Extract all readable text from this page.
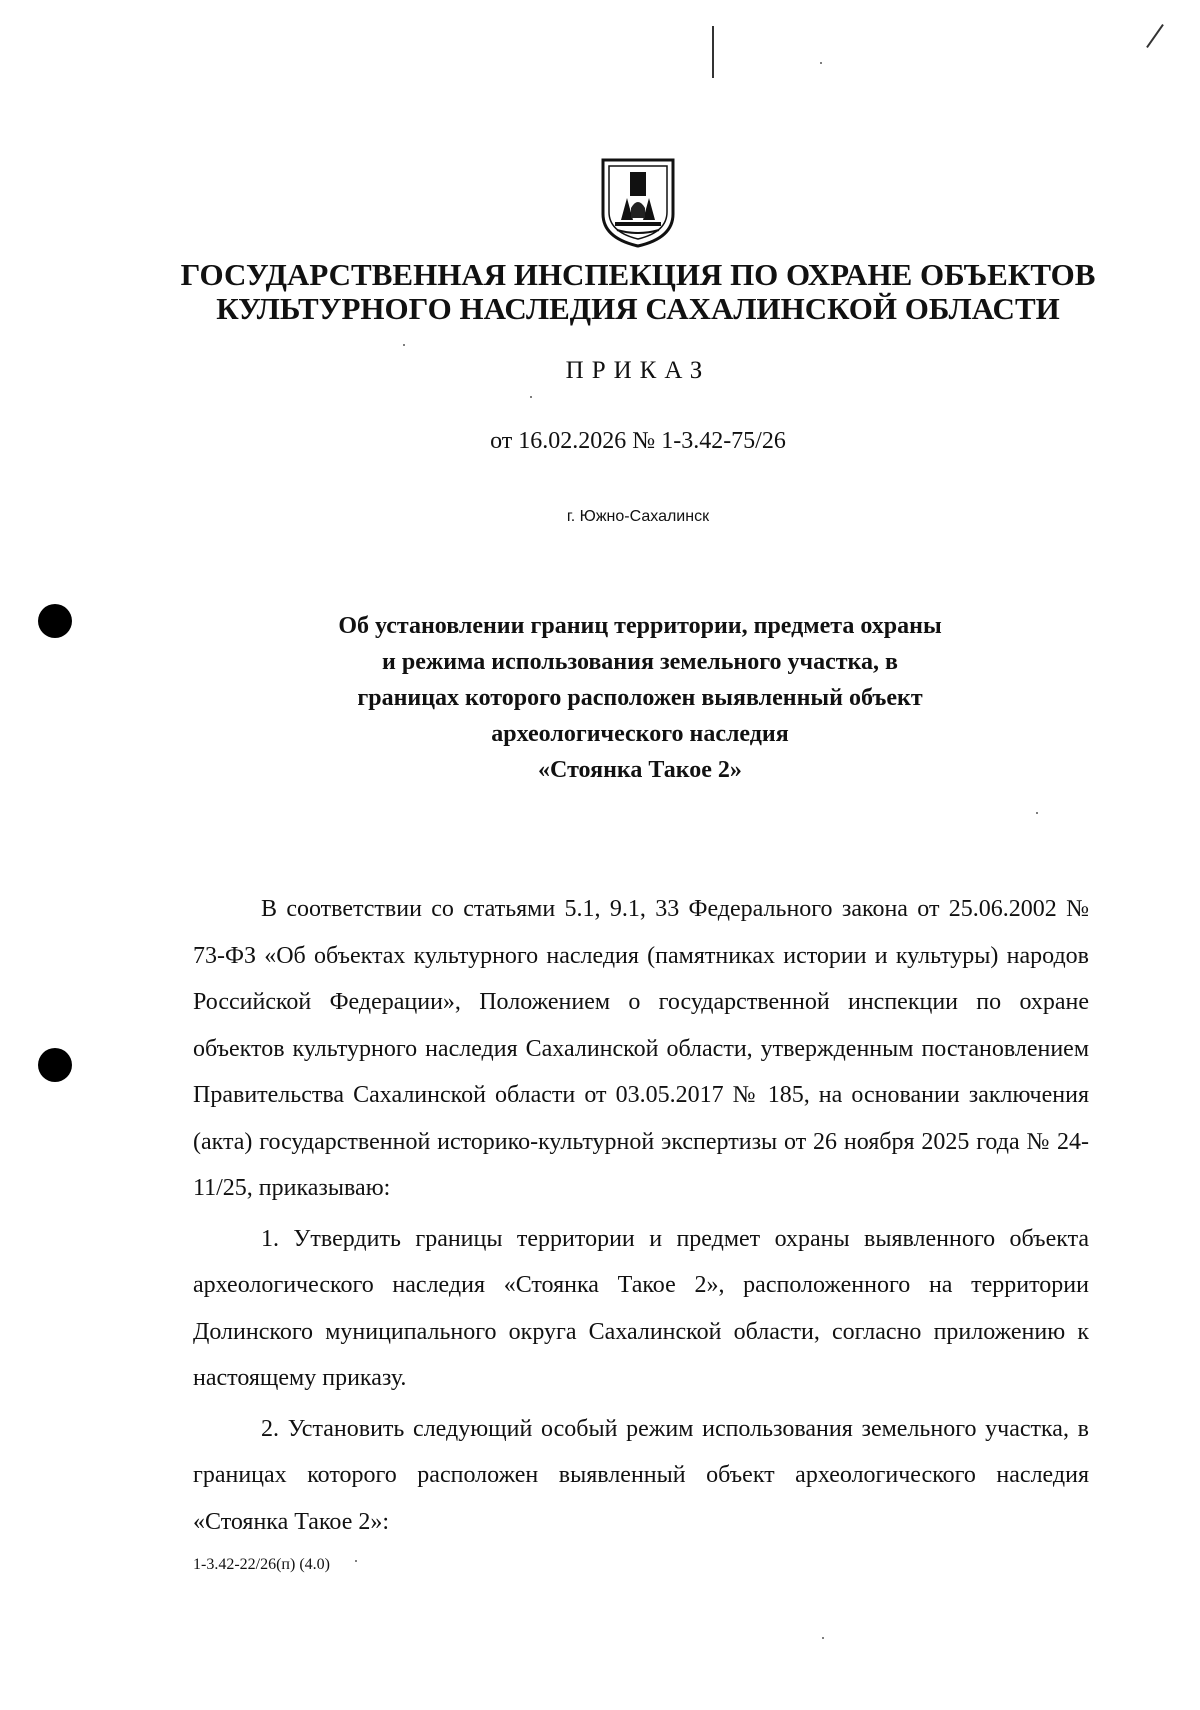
ГОСУДАРСТВЕННАЯ ИНСПЕКЦИЯ ПО ОХРАНЕ ОБЪЕКТОВ
КУЛЬТУРНОГО НАСЛЕДИЯ САХАЛИНСКОЙ ОБЛАСТИ

ПРИКАЗ

от 16.02.2026 № 1-3.42-75/26

г. Южно-Сахалинск

Об установлении границ территории, предмета охраны
и режима использования земельного участка, в
границах которого расположен выявленный объект
археологического наследия
«Стоянка Такое 2»

В соответствии со статьями 5.1, 9.1, 33 Федерального закона от 25.06.2002 № 73-ФЗ «Об объектах культурного наследия (памятниках истории и культуры) народов Российской Федерации», Положением о государственной инспекции по охране объектов культурного наследия Сахалинской области, утвержденным постановлением Правительства Сахалинской области от 03.05.2017 № 185, на основании заключения (акта) государственной историко-культурной экспертизы от 26 ноября 2025 года № 24-11/25, приказываю:

1. Утвердить границы территории и предмет охраны выявленного объекта археологического наследия «Стоянка Такое 2», расположенного на территории Долинского муниципального округа Сахалинской области, согласно приложению к настоящему приказу.

2. Установить следующий особый режим использования земельного участка, в границах которого расположен выявленный объект археологического наследия «Стоянка Такое 2»:

1-3.42-22/26(п) (4.0)
